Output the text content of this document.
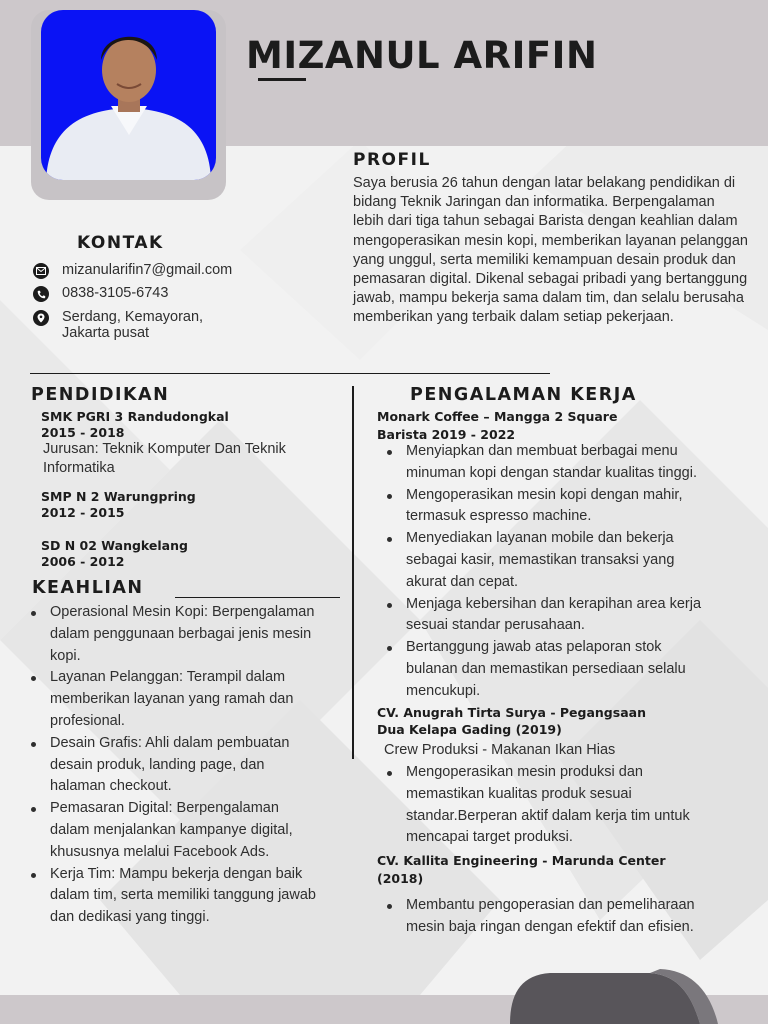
MIZANUL ARIFIN
PROFIL
Saya berusia 26 tahun dengan latar belakang pendidikan di bidang Teknik Jaringan dan informatika. Berpengalaman lebih dari tiga tahun sebagai Barista dengan keahlian dalam mengoperasikan mesin kopi, memberikan layanan pelanggan yang unggul, serta memiliki kemampuan desain produk dan pemasaran digital. Dikenal sebagai pribadi yang bertanggung jawab, mampu bekerja sama dalam tim, dan selalu berusaha memberikan yang terbaik dalam setiap pekerjaan.
KONTAK
mizanularifin7@gmail.com
0838-3105-6743
Serdang, Kemayoran,
Jakarta pusat
PENDIDIKAN
SMK PGRI 3 Randudongkal
2015 - 2018
Jurusan: Teknik Komputer Dan Teknik
Informatika
SMP N 2 Warungpring
2012 - 2015
SD N 02 Wangkelang
2006 - 2012
KEAHLIAN
Operasional Mesin Kopi: Berpengalaman
dalam penggunaan berbagai jenis mesin
kopi.
Layanan Pelanggan: Terampil dalam
memberikan layanan yang ramah dan
profesional.
Desain Grafis: Ahli dalam pembuatan
desain produk, landing page, dan
halaman checkout.
Pemasaran Digital: Berpengalaman
dalam menjalankan kampanye digital,
khususnya melalui Facebook Ads.
Kerja Tim: Mampu bekerja dengan baik
dalam tim, serta memiliki tanggung jawab
dan dedikasi yang tinggi.
PENGALAMAN KERJA
Monark Coffee – Mangga 2 Square
Barista 2019 - 2022
Menyiapkan dan membuat berbagai menu
minuman kopi dengan standar kualitas tinggi.
Mengoperasikan mesin kopi dengan mahir,
termasuk espresso machine.
Menyediakan layanan mobile dan bekerja
sebagai kasir, memastikan transaksi yang
akurat dan cepat.
Menjaga kebersihan dan kerapihan area kerja
sesuai standar perusahaan.
Bertanggung jawab atas pelaporan stok
bulanan dan memastikan persediaan selalu
mencukupi.
CV. Anugrah Tirta Surya - Pegangsaan
Dua Kelapa Gading (2019)
Crew Produksi - Makanan Ikan Hias
Mengoperasikan mesin produksi dan
memastikan kualitas produk sesuai
standar.Berperan aktif dalam kerja tim untuk
mencapai target produksi.
CV. Kallita Engineering - Marunda Center
(2018)
Membantu pengoperasian dan pemeliharaan
mesin baja ringan dengan efektif dan efisien.
